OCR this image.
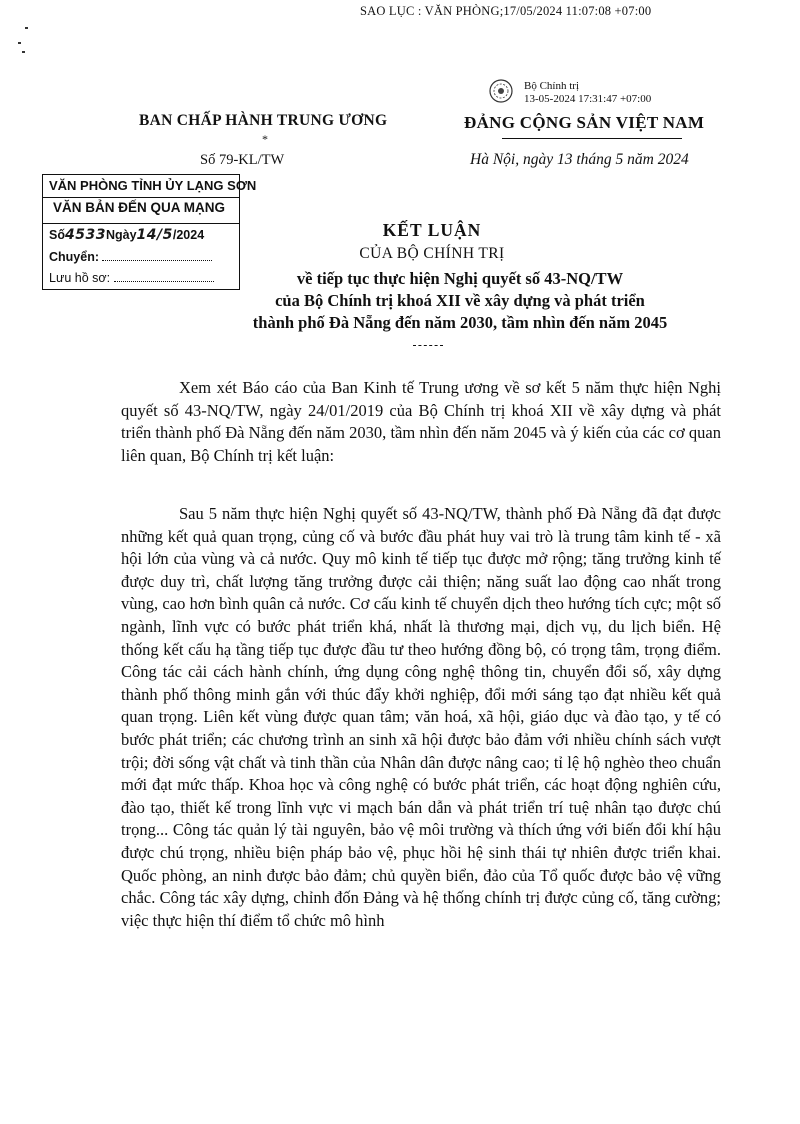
SAO LỤC : VĂN PHÒNG;17/05/2024 11:07:08 +07:00
Bộ Chính trị
13-05-2024 17:31:47 +07:00
BAN CHẤP HÀNH TRUNG ƯƠNG
*
ĐẢNG CỘNG SẢN VIỆT NAM
Số 79-KL/TW	Hà Nội, ngày 13 tháng 5 năm 2024
VĂN PHÒNG TỈNH ỦY LẠNG SƠN
VĂN BẢN ĐẾN QUA MẠNG
Số4533Ngày14/5/2024
Chuyển:
Lưu hồ sơ:
KẾT LUẬN
CỦA BỘ CHÍNH TRỊ
về tiếp tục thực hiện Nghị quyết số 43-NQ/TW
của Bộ Chính trị khoá XII về xây dựng và phát triển
thành phố Đà Nẵng đến năm 2030, tầm nhìn đến năm 2045
Xem xét Báo cáo của Ban Kinh tế Trung ương về sơ kết 5 năm thực hiện Nghị quyết số 43-NQ/TW, ngày 24/01/2019 của Bộ Chính trị khoá XII về xây dựng và phát triển thành phố Đà Nẵng đến năm 2030, tầm nhìn đến năm 2045 và ý kiến của các cơ quan liên quan, Bộ Chính trị kết luận:
Sau 5 năm thực hiện Nghị quyết số 43-NQ/TW, thành phố Đà Nẵng đã đạt được những kết quả quan trọng, củng cố và bước đầu phát huy vai trò là trung tâm kinh tế - xã hội lớn của vùng và cả nước. Quy mô kinh tế tiếp tục được mở rộng; tăng trưởng kinh tế được duy trì, chất lượng tăng trưởng được cải thiện; năng suất lao động cao nhất trong vùng, cao hơn bình quân cả nước. Cơ cấu kinh tế chuyển dịch theo hướng tích cực; một số ngành, lĩnh vực có bước phát triển khá, nhất là thương mại, dịch vụ, du lịch biển. Hệ thống kết cấu hạ tầng tiếp tục được đầu tư theo hướng đồng bộ, có trọng tâm, trọng điểm. Công tác cải cách hành chính, ứng dụng công nghệ thông tin, chuyển đổi số, xây dựng thành phố thông minh gắn với thúc đẩy khởi nghiệp, đổi mới sáng tạo đạt nhiều kết quả quan trọng. Liên kết vùng được quan tâm; văn hoá, xã hội, giáo dục và đào tạo, y tế có bước phát triển; các chương trình an sinh xã hội được bảo đảm với nhiều chính sách vượt trội; đời sống vật chất và tinh thần của Nhân dân được nâng cao; tỉ lệ hộ nghèo theo chuẩn mới đạt mức thấp. Khoa học và công nghệ có bước phát triển, các hoạt động nghiên cứu, đào tạo, thiết kế trong lĩnh vực vi mạch bán dẫn và phát triển trí tuệ nhân tạo được chú trọng... Công tác quản lý tài nguyên, bảo vệ môi trường và thích ứng với biến đổi khí hậu được chú trọng, nhiều biện pháp bảo vệ, phục hồi hệ sinh thái tự nhiên được triển khai. Quốc phòng, an ninh được bảo đảm; chủ quyền biển, đảo của Tổ quốc được bảo vệ vững chắc. Công tác xây dựng, chỉnh đốn Đảng và hệ thống chính trị được củng cố, tăng cường; việc thực hiện thí điểm tổ chức mô hình
